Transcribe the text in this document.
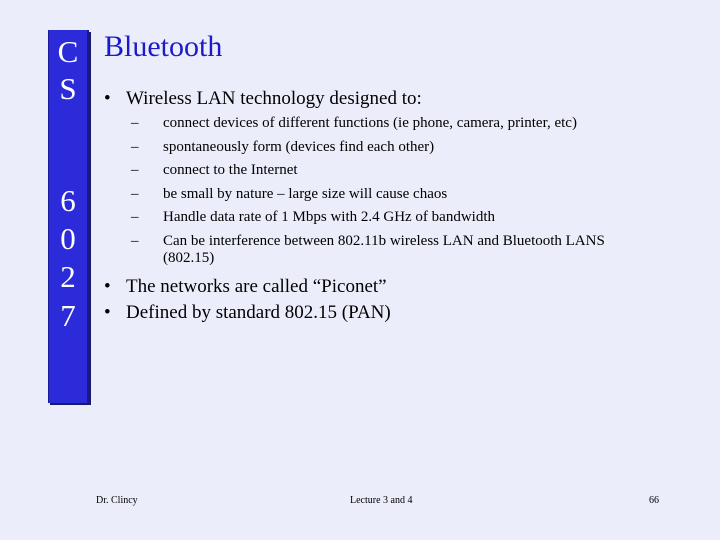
C
S
6
0
2
7
Bluetooth
• Wireless LAN technology designed to:
– connect devices of different functions (ie phone, camera, printer, etc)
– spontaneously form (devices find each other)
– connect to the Internet
– be small by nature – large size will cause chaos
– Handle data rate of 1 Mbps with 2.4 GHz of bandwidth
– Can be interference between 802.11b wireless LAN and Bluetooth LANS (802.15)
• The networks are called “Piconet”
• Defined by standard 802.15 (PAN)
Dr. Clincy	Lecture 3 and 4	66
